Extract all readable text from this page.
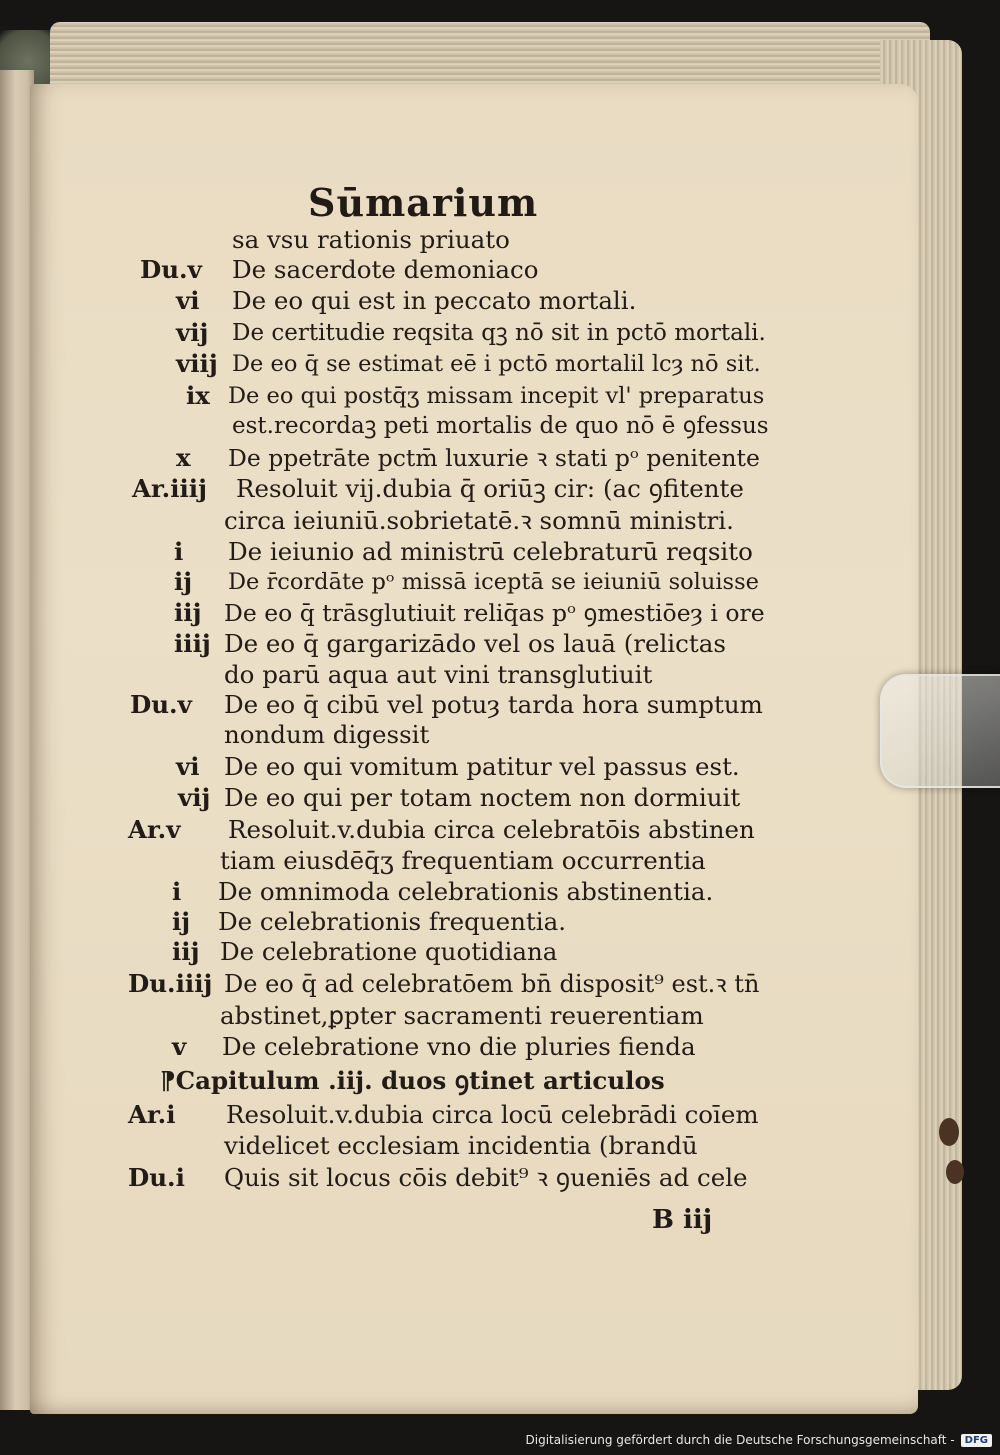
Sūmarium
sa vsu rationis priuato
Du.v De sacerdote demoniaco
vi De eo qui est in peccato mortali.
vij De certitudie reqsita qꝫ nō sit in pctō mortali.
viij De eo q̄ se estimat eē i pctō mortalil lcȝ nō sit.
ix De eo qui postq̄ʒ missam incepit vl' preparatus
est.recordaꝫ peti mortalis de quo nō ē ꝯfessus
x De ppetrāte pctm̄ luxurie ꝛ stati pᵒ penitente
Ar.iiij Resoluit vij.dubia q̄ oriūꝫ cir: (ac ꝯfitente
circa ieiuniū.sobrietatē.ꝛ somnū ministri.
i De ieiunio ad ministrū celebraturū reqsito
ij De r̄cordāte pᵒ missā iceptā se ieiuniū soluisse
iij De eo q̄ trāsglutiuit reliq̄as pᵒ ꝯmestiōeȝ i ore
iiij De eo q̄ gargarizādo vel os lauā (relictas
do parū aqua aut vini transglutiuit
Du.v De eo q̄ cibū vel potuȝ tarda hora sumptum
nondum digessit
vi De eo qui vomitum patitur vel passus est.
vij De eo qui per totam noctem non dormiuit
Ar.v Resoluit.v.dubia circa celebratōis abstinen
tiam eiusdēq̄ʒ frequentiam occurrentia
i De omnimoda celebrationis abstinentia.
ij De celebrationis frequentia.
iij De celebratione quotidiana
Du.iiij De eo q̄ ad celebratōem bn̄ disposit⁹ est.ꝛ tn̄
abstinet,ꝑpter sacramenti reuerentiam
v De celebratione vno die pluries fienda
⁋Capitulum .iij. duos ꝯtinet articulos
Ar.i Resoluit.v.dubia circa locū celebrādi coīem
videlicet ecclesiam incidentia (brandū
Du.i Quis sit locus cōis debit⁹ ꝛ ꝯueniēs ad cele
B iij
Digitalisierung gefördert durch die Deutsche Forschungsgemeinschaft -	DFG
